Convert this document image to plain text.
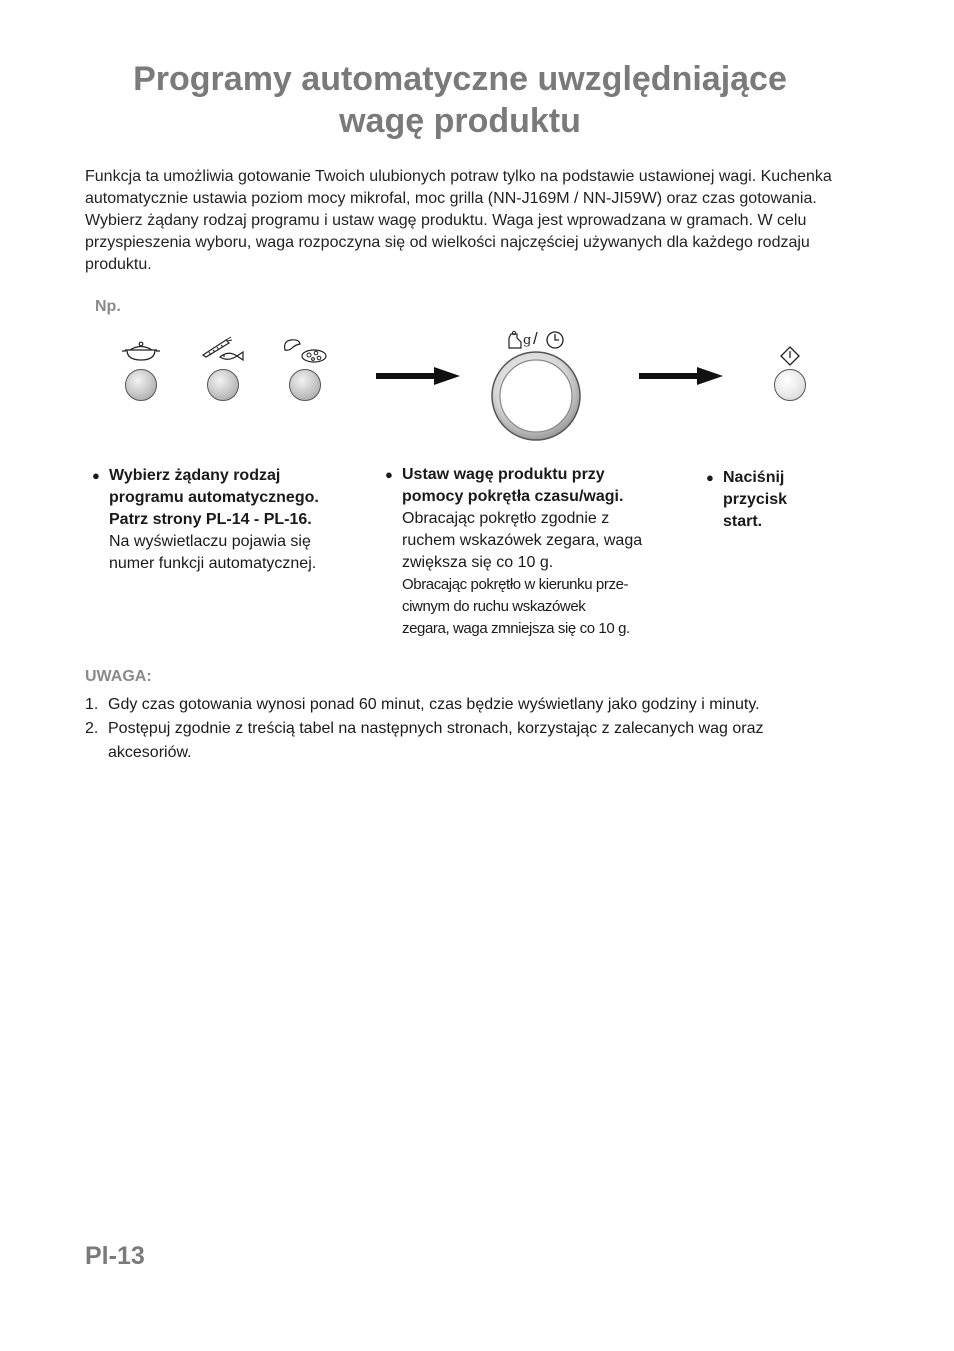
Programy automatyczne uwzględniające
wagę produktu
Funkcja ta umożliwia gotowanie Twoich ulubionych potraw tylko na podstawie ustawionej wagi. Kuchenka automatycznie ustawia poziom mocy mikrofal, moc grilla (NN-J169M / NN-JI59W) oraz czas gotowania. Wybierz żądany rodzaj programu i ustaw wagę produktu. Waga jest wprowadzana w gramach. W celu przyspieszenia wyboru, waga rozpoczyna się od wielkości najczęściej używanych dla każdego rodzaju produktu.
Np.
g /
● Wybierz żądany rodzaj
programu automatycznego.
Patrz strony PL-14 - PL-16.
Na wyświetlaczu pojawia się
numer funkcji automatycznej.
● Ustaw wagę produktu przy
pomocy pokrętła czasu/wagi.
Obracając pokrętło zgodnie z
ruchem wskazówek zegara, waga
zwiększa się co 10 g.
Obracając pokrętło w kierunku prze-
ciwnym do ruchu wskazówek
zegara, waga zmniejsza się co 10 g.
● Naciśnij
przycisk
start.
UWAGA:
1. Gdy czas gotowania wynosi ponad 60 minut, czas będzie wyświetlany jako godziny i minuty.
2. Postępuj zgodnie z treścią tabel na następnych stronach, korzystając z zalecanych wag oraz akcesoriów.
Pl-13
